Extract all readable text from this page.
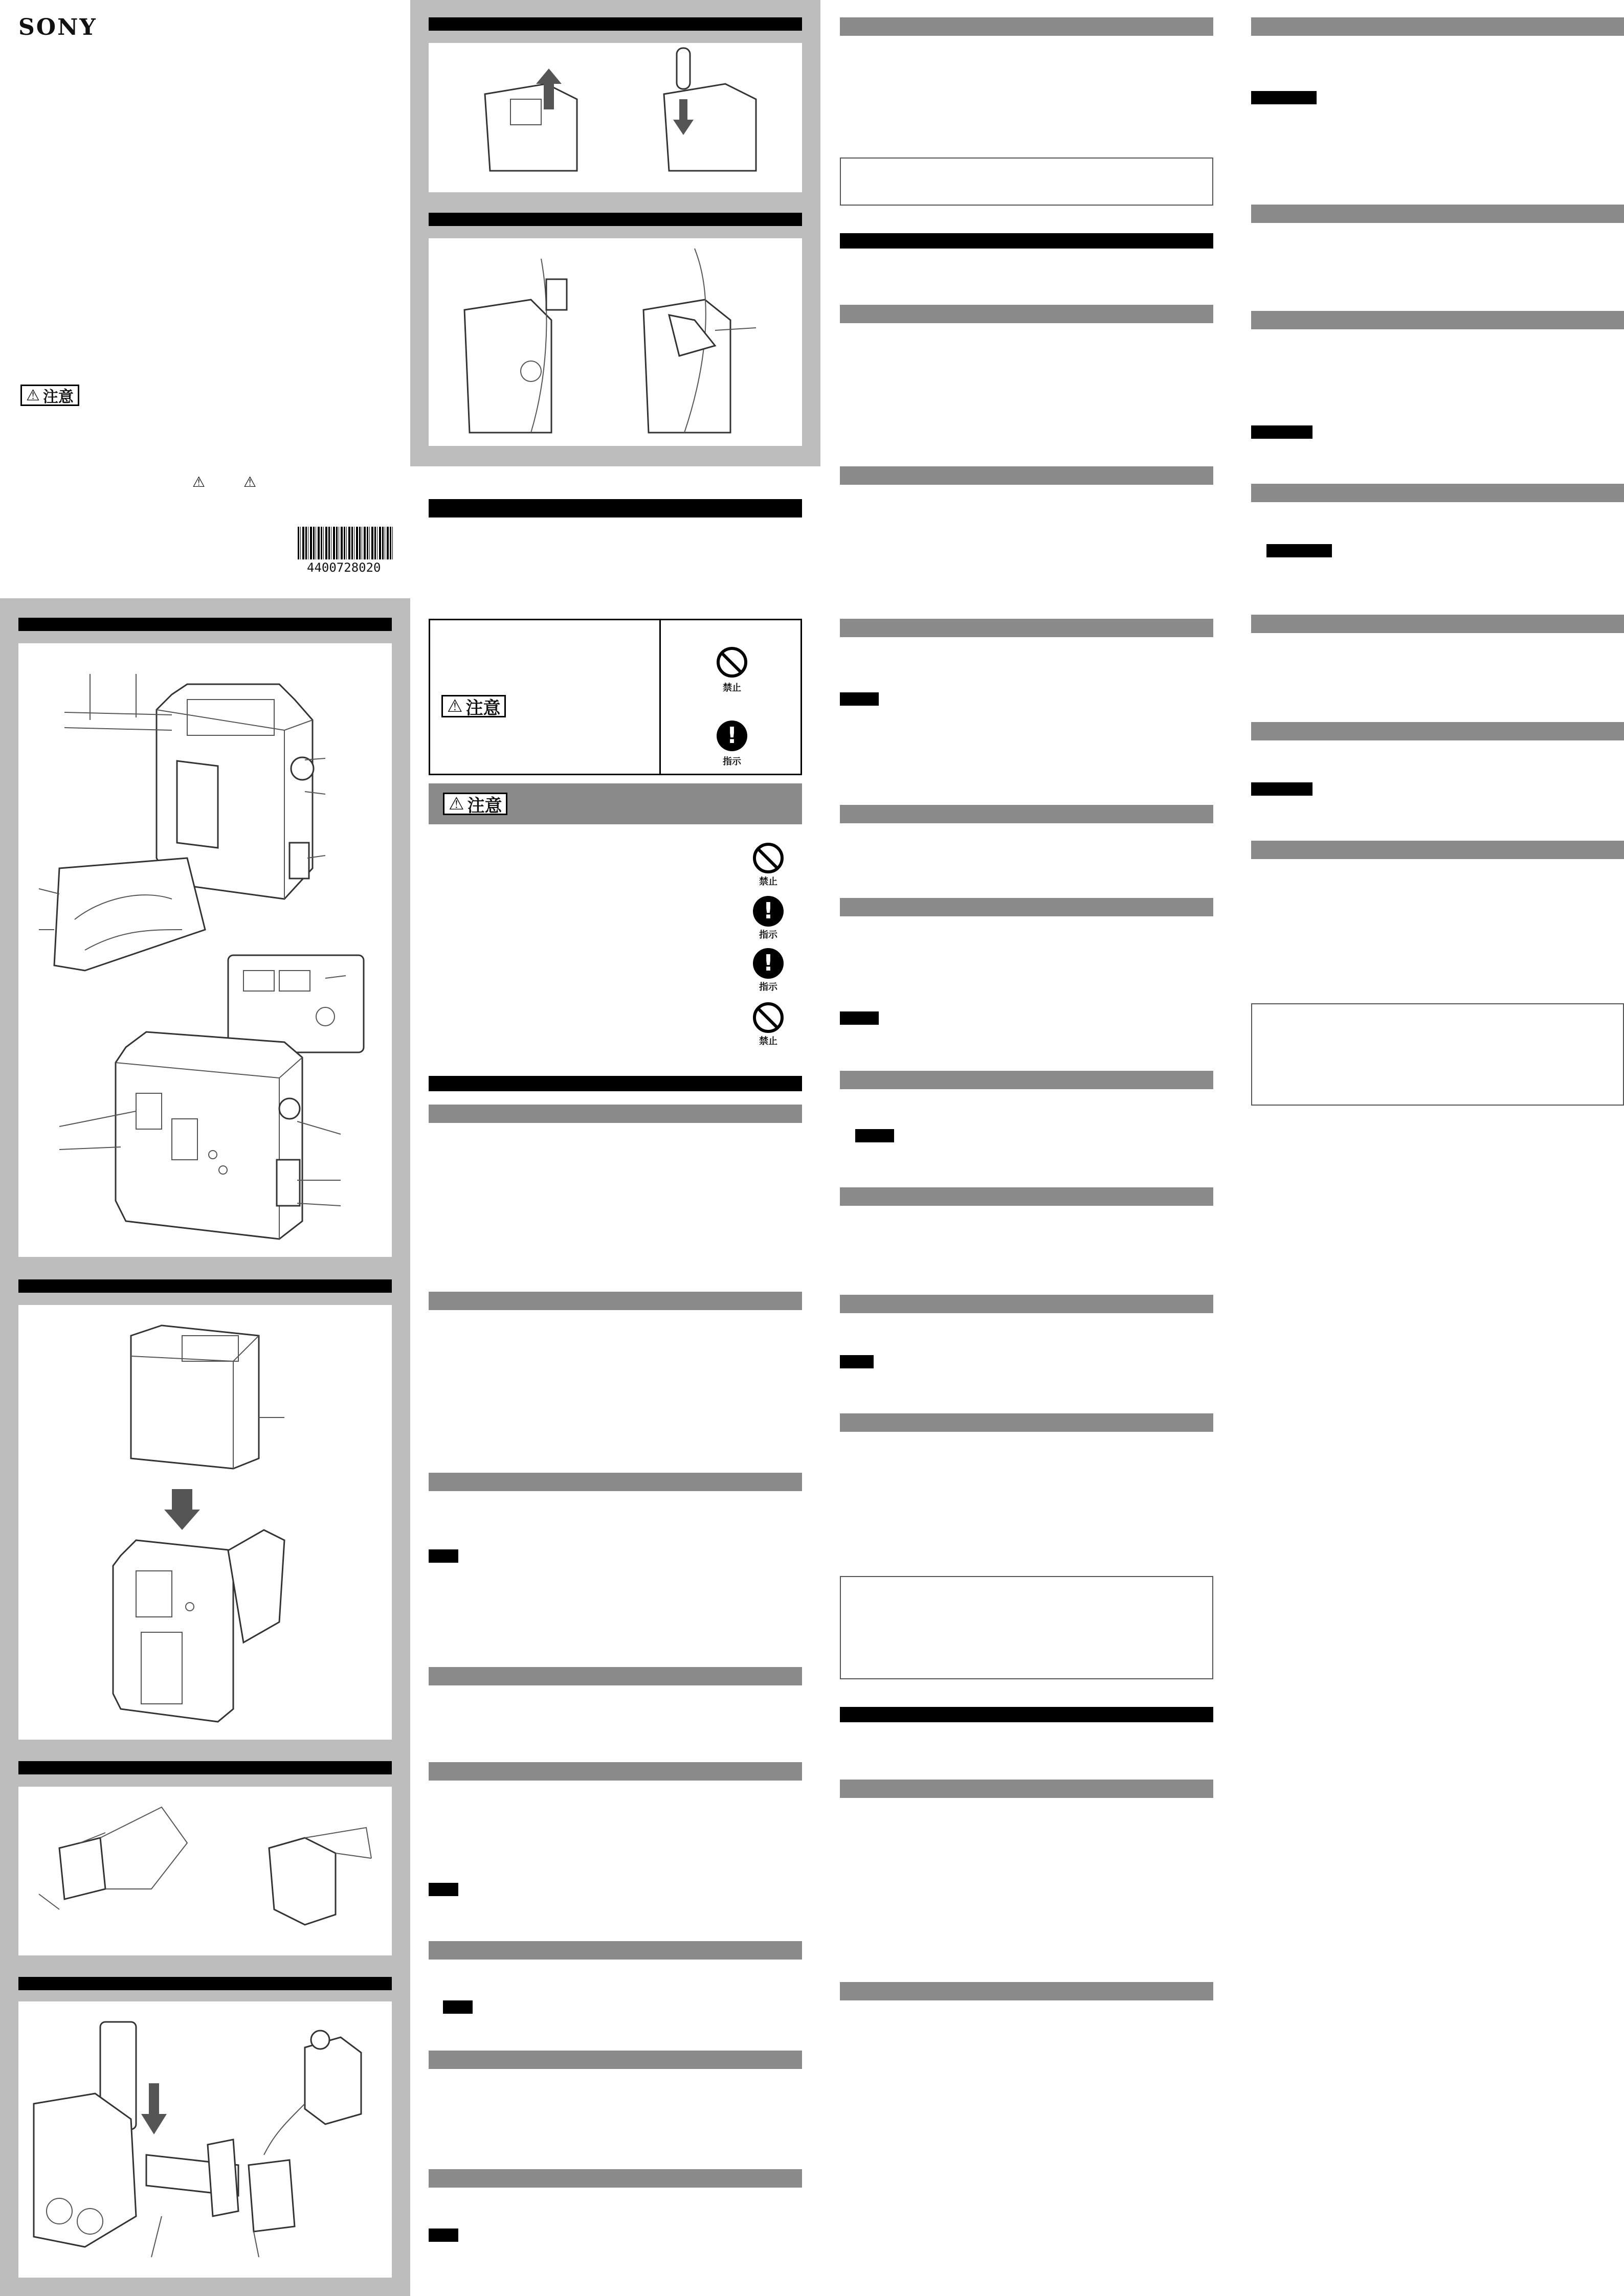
SONY
⚠ 注意
⚠	⚠
4400728020
⚠ 注意
禁止
!
指示
⚠ 注意
禁止
!
指示
!
指示
禁止
